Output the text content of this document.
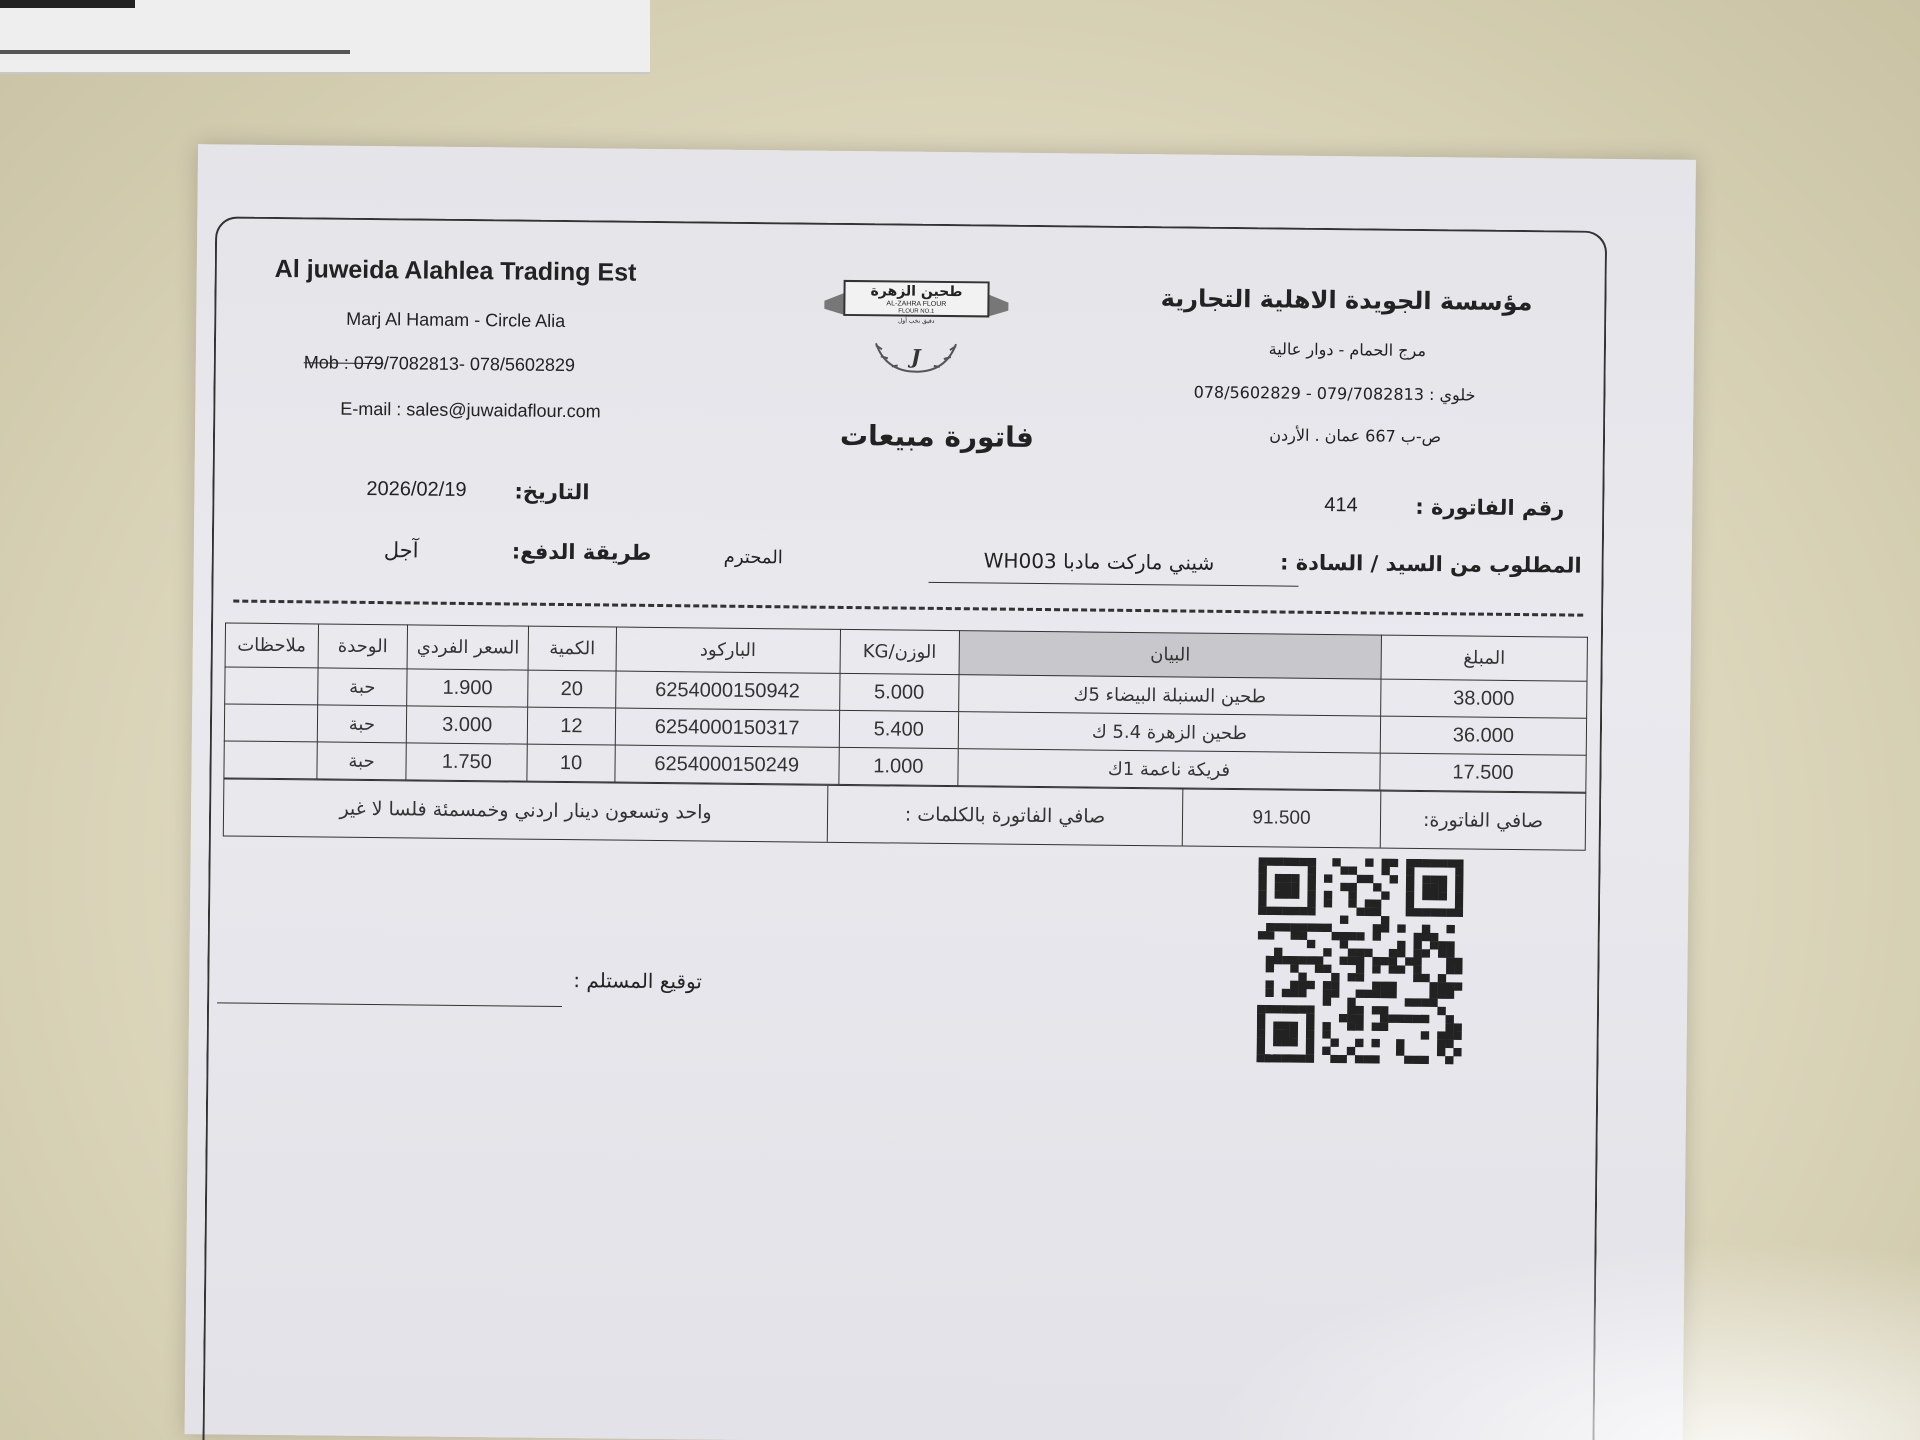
Al juweida Alahlea Trading Est
Marj Al Hamam - Circle Alia
Mob : 079/7082813- 078/5602829
E-mail : sales@juwaidaflour.com
مؤسسة الجويدة الاهلية التجارية
مرج الحمام - دوار عالية
خلوي : 079/7082813 - 078/5602829
ص-ب 667 عمان . الأردن
طحين الزهرة
AL-ZAHRA FLOUR
FLOUR NO.1
دقيق نخب أول
J
فاتورة مبيعات
التاريخ:
2026/02/19
طريقة الدفع:
آجل
رقم الفاتورة :
414
المطلوب من السيد / السادة :
شيني ماركت مادبا WH003
المحترم
المبلغ	البيان	الوزن/KG	الباركود	الكمية	السعر الفردي	الوحدة	ملاحظات
38.000	طحين السنبلة البيضاء 5ك	5.000	6254000150942	20	1.900	حبة	
36.000	طحين الزهرة 5.4 ك	5.400	6254000150317	12	3.000	حبة	
17.500	فريكة ناعمة 1ك	1.000	6254000150249	10	1.750	حبة	
صافي الفاتورة:
91.500
صافي الفاتورة بالكلمات :
واحد وتسعون دينار اردني وخمسمئة فلسا لا غير
توقيع المستلم :
